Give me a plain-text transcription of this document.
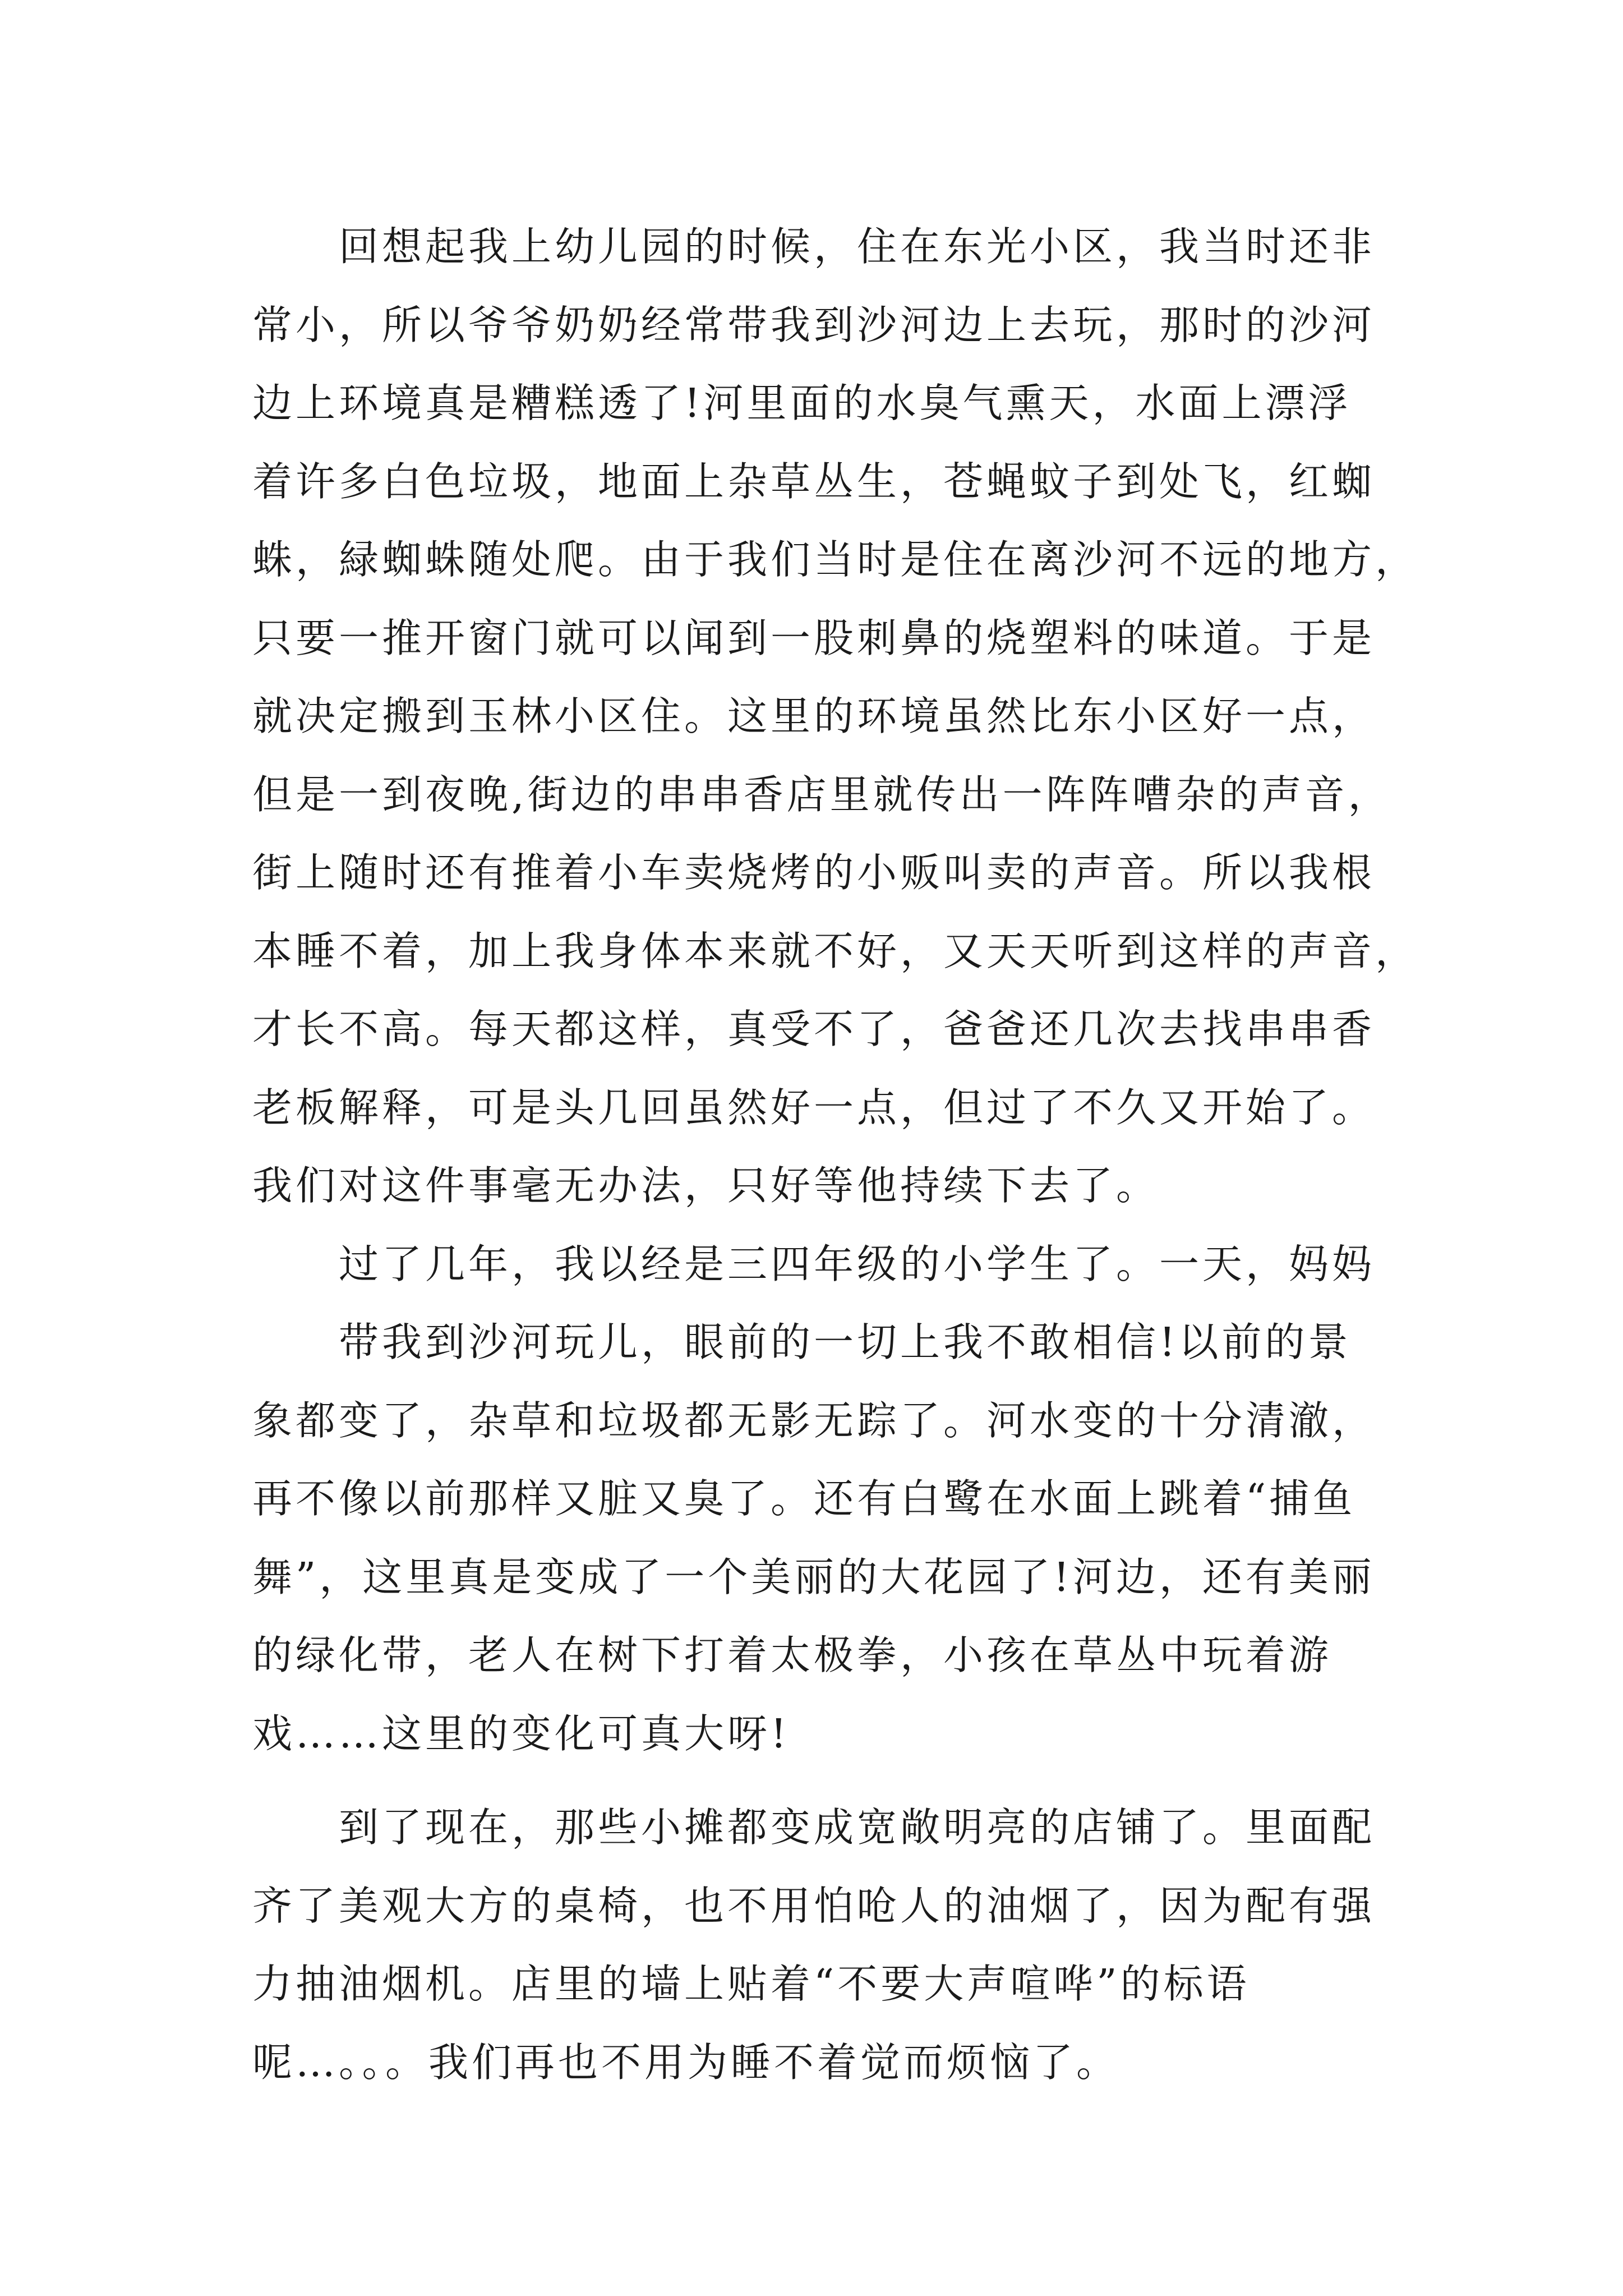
　　回想起我上幼儿园的时候，住在东光小区，我当时还非
常小，所以爷爷奶奶经常带我到沙河边上去玩，那时的沙河
边上环境真是糟糕透了!河里面的水臭气熏天，水面上漂浮
着许多白色垃圾，地面上杂草丛生，苍蝇蚊子到处飞，红蜘
蛛，緑蜘蛛随处爬。由于我们当时是住在离沙河不远的地方，
只要一推开窗门就可以闻到一股刺鼻的烧塑料的味道。于是
就决定搬到玉林小区住。这里的环境虽然比东小区好一点，
但是一到夜晚,街边的串串香店里就传出一阵阵嘈杂的声音，
街上随时还有推着小车卖烧烤的小贩叫卖的声音。所以我根
本睡不着，加上我身体本来就不好，又天天听到这样的声音，
才长不高。每天都这样，真受不了，爸爸还几次去找串串香
老板解释，可是头几回虽然好一点，但过了不久又开始了。
我们对这件事毫无办法，只好等他持续下去了。
　　过了几年，我以经是三四年级的小学生了。一天，妈妈
　　带我到沙河玩儿，眼前的一切上我不敢相信!以前的景
象都变了，杂草和垃圾都无影无踪了。河水变的十分清澈，
再不像以前那样又脏又臭了。还有白鹭在水面上跳着“捕鱼
舞”，这里真是变成了一个美丽的大花园了!河边，还有美丽
的绿化带，老人在树下打着太极拳，小孩在草丛中玩着游
戏……这里的变化可真大呀!
　　到了现在，那些小摊都变成宽敞明亮的店铺了。里面配
齐了美观大方的桌椅，也不用怕呛人的油烟了，因为配有强
力抽油烟机。店里的墙上贴着“不要大声喧哗”的标语
呢…。。。我们再也不用为睡不着觉而烦恼了。
